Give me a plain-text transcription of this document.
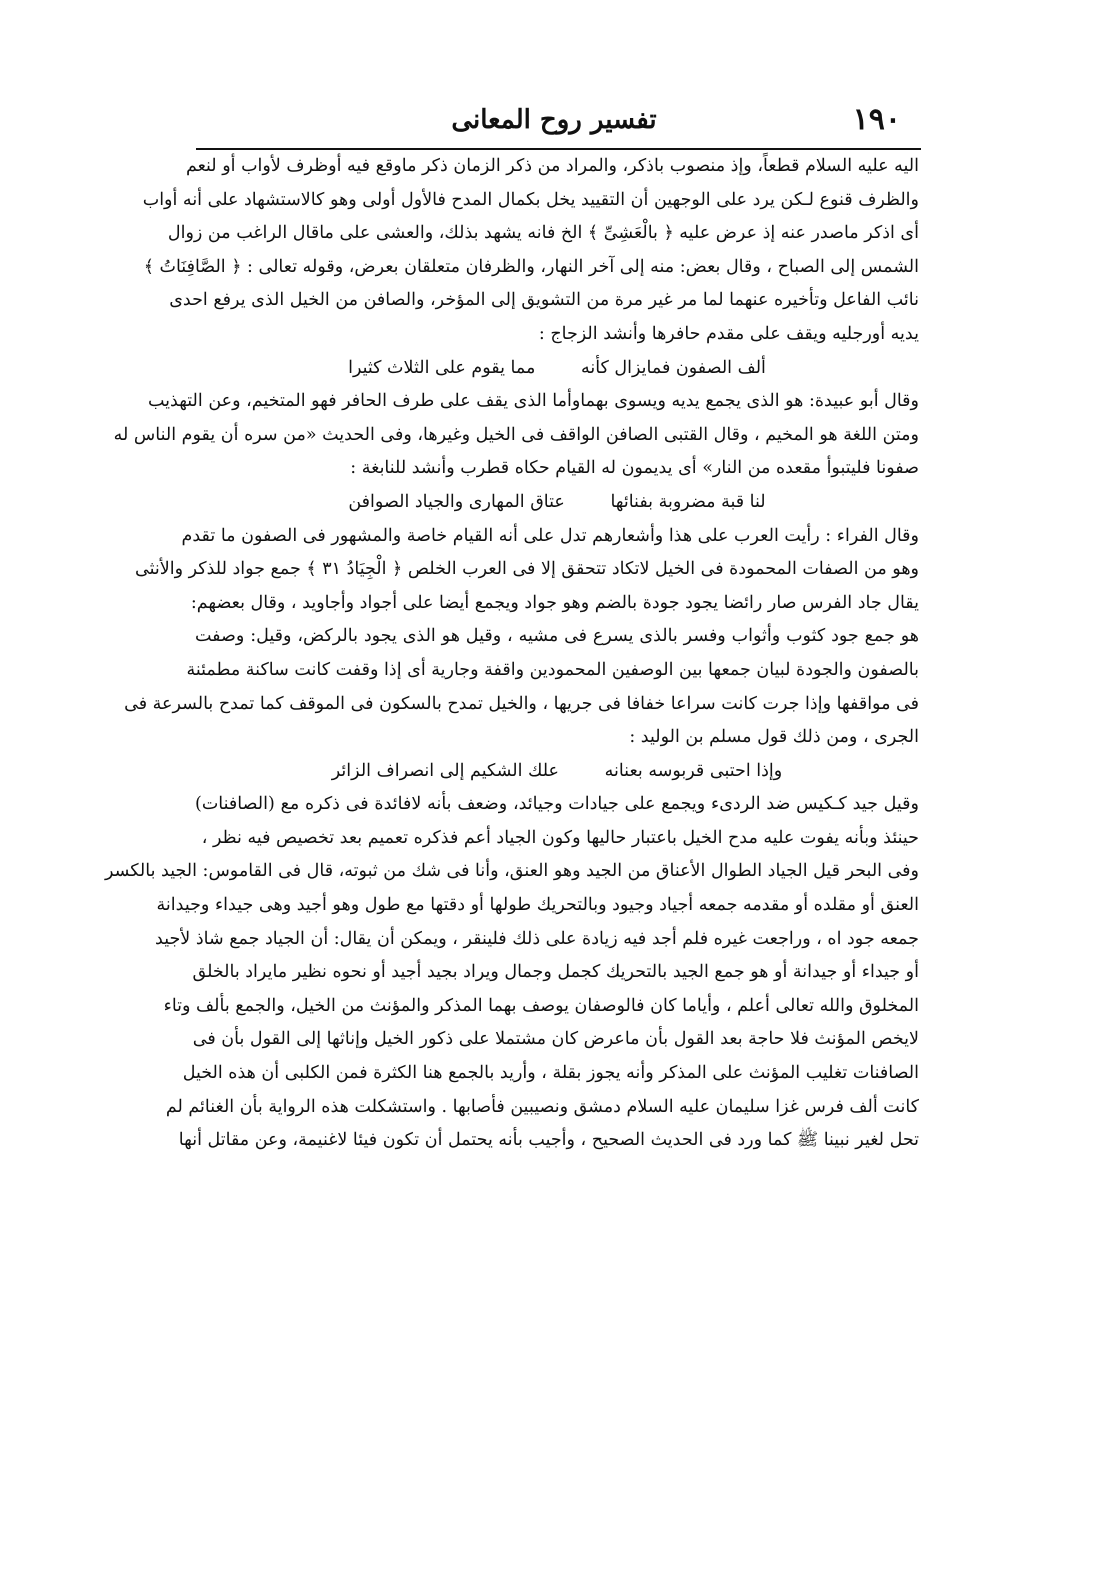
١٩٠
تفسير روح المعانى
اليه عليه السلام قطعاً، وإذ منصوب باذكر، والمراد من ذكر الزمان ذكر ماوقع فيه أوظرف لأواب أو لنعم
والظرف قنوع لـكن يرد على الوجهين أن التقييد يخل بكمال المدح فالأول أولى وهو كالاستشهاد على أنه أواب
أى اذكر ماصدر عنه إذ عرض عليه ﴿ بالْعَشِىِّ ﴾ الخ فانه يشهد بذلك، والعشى على ماقال الراغب من زوال
الشمس إلى الصباح ، وقال بعض: منه إلى آخر النهار، والظرفان متعلقان بعرض، وقوله تعالى : ﴿ الصَّافِنَاتُ ﴾
نائب الفاعل وتأخيره عنهما لما مر غير مرة من التشويق إلى المؤخر، والصافن من الخيل الذى يرفع احدى
يديه أورجليه ويقف على مقدم حافرها وأنشد الزجاج :
ألف الصفون فمايزال كأنه مما يقوم على الثلاث كثيرا
وقال أبو عبيدة: هو الذى يجمع يديه ويسوى بهماوأما الذى يقف على طرف الحافر فهو المتخيم، وعن التهذيب
ومتن اللغة هو المخيم ، وقال القتبى الصافن الواقف فى الخيل وغيرها، وفى الحديث «من سره أن يقوم الناس له
صفونا فليتبوأ مقعده من النار» أى يديمون له القيام حكاه قطرب وأنشد للنابغة :
لنا قبة مضروبة بفنائها عتاق المهارى والجياد الصوافن
وقال الفراء : رأيت العرب على هذا وأشعارهم تدل على أنه القيام خاصة والمشهور فى الصفون ما تقدم
وهو من الصفات المحمودة فى الخيل لاتكاد تتحقق إلا فى العرب الخلص ﴿ الْجِيَادُ ٣١ ﴾ جمع جواد للذكر والأنثى
يقال جاد الفرس صار رائضا يجود جودة بالضم وهو جواد ويجمع أيضا على أجواد وأجاويد ، وقال بعضهم:
هو جمع جود كثوب وأثواب وفسر بالذى يسرع فى مشيه ، وقيل هو الذى يجود بالركض، وقيل: وصفت
بالصفون والجودة لبيان جمعها بين الوصفين المحمودين واقفة وجارية أى إذا وقفت كانت ساكنة مطمئنة
فى مواقفها وإذا جرت كانت سراعا خفافا فى جريها ، والخيل تمدح بالسكون فى الموقف كما تمدح بالسرعة فى
الجرى ، ومن ذلك قول مسلم بن الوليد :
وإذا احتبى قربوسه بعنانه علك الشكيم إلى انصراف الزائر
وقيل جيد كـكيس ضد الردىء ويجمع على جيادات وجيائد، وضعف بأنه لافائدة فى ذكره مع (الصافنات)
حينئذ وبأنه يفوت عليه مدح الخيل باعتبار حاليها وكون الجياد أعم فذكره تعميم بعد تخصيص فيه نظر ،
وفى البحر قيل الجياد الطوال الأعناق من الجيد وهو العنق، وأنا فى شك من ثبوته، قال فى القاموس: الجيد بالكسر
العنق أو مقلده أو مقدمه جمعه أجياد وجيود وبالتحريك طولها أو دقتها مع طول وهو أجيد وهى جيداء وجيدانة
جمعه جود اه ، وراجعت غيره فلم أجد فيه زيادة على ذلك فلينقر ، ويمكن أن يقال: أن الجياد جمع شاذ لأجيد
أو جيداء أو جيدانة أو هو جمع الجيد بالتحريك كجمل وجمال ويراد بجيد أجيد أو نحوه نظير مايراد بالخلق
المخلوق والله تعالى أعلم ، وأياما كان فالوصفان يوصف بهما المذكر والمؤنث من الخيل، والجمع بألف وتاء
لايخص المؤنث فلا حاجة بعد القول بأن ماعرض كان مشتملا على ذكور الخيل وإناثها إلى القول بأن فى
الصافنات تغليب المؤنث على المذكر وأنه يجوز بقلة ، وأريد بالجمع هنا الكثرة فمن الكلبى أن هذه الخيل
كانت ألف فرس غزا سليمان عليه السلام دمشق ونصيبين فأصابها . واستشكلت هذه الرواية بأن الغنائم لم
تحل لغير نبينا ﷺ كما ورد فى الحديث الصحيح ، وأجيب بأنه يحتمل أن تكون فيئا لاغنيمة، وعن مقاتل أنها
